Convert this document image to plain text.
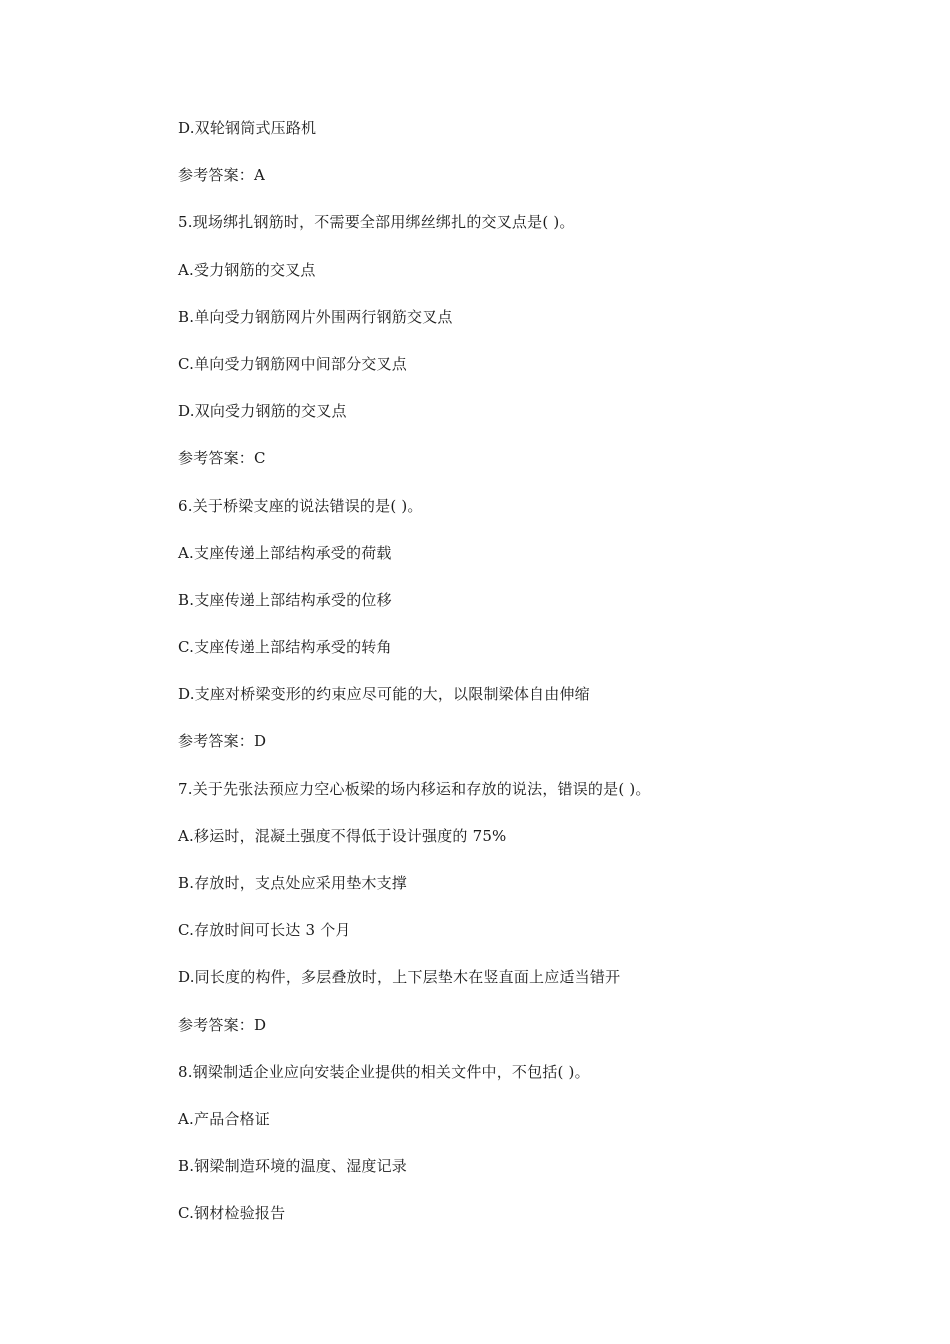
D.双轮钢筒式压路机
参考答案：A
5.现场绑扎钢筋时，不需要全部用绑丝绑扎的交叉点是( )。
A.受力钢筋的交叉点
B.单向受力钢筋网片外围两行钢筋交叉点
C.单向受力钢筋网中间部分交叉点
D.双向受力钢筋的交叉点
参考答案：C
6.关于桥梁支座的说法错误的是( )。
A.支座传递上部结构承受的荷载
B.支座传递上部结构承受的位移
C.支座传递上部结构承受的转角
D.支座对桥梁变形的约束应尽可能的大，以限制梁体自由伸缩
参考答案：D
7.关于先张法预应力空心板梁的场内移运和存放的说法，错误的是( )。
A.移运时，混凝土强度不得低于设计强度的 75%
B.存放时，支点处应采用垫木支撑
C.存放时间可长达 3 个月
D.同长度的构件，多层叠放时，上下层垫木在竖直面上应适当错开
参考答案：D
8.钢梁制适企业应向安装企业提供的相关文件中，不包括( )。
A.产品合格证
B.钢梁制造环境的温度、湿度记录
C.钢材检验报告
